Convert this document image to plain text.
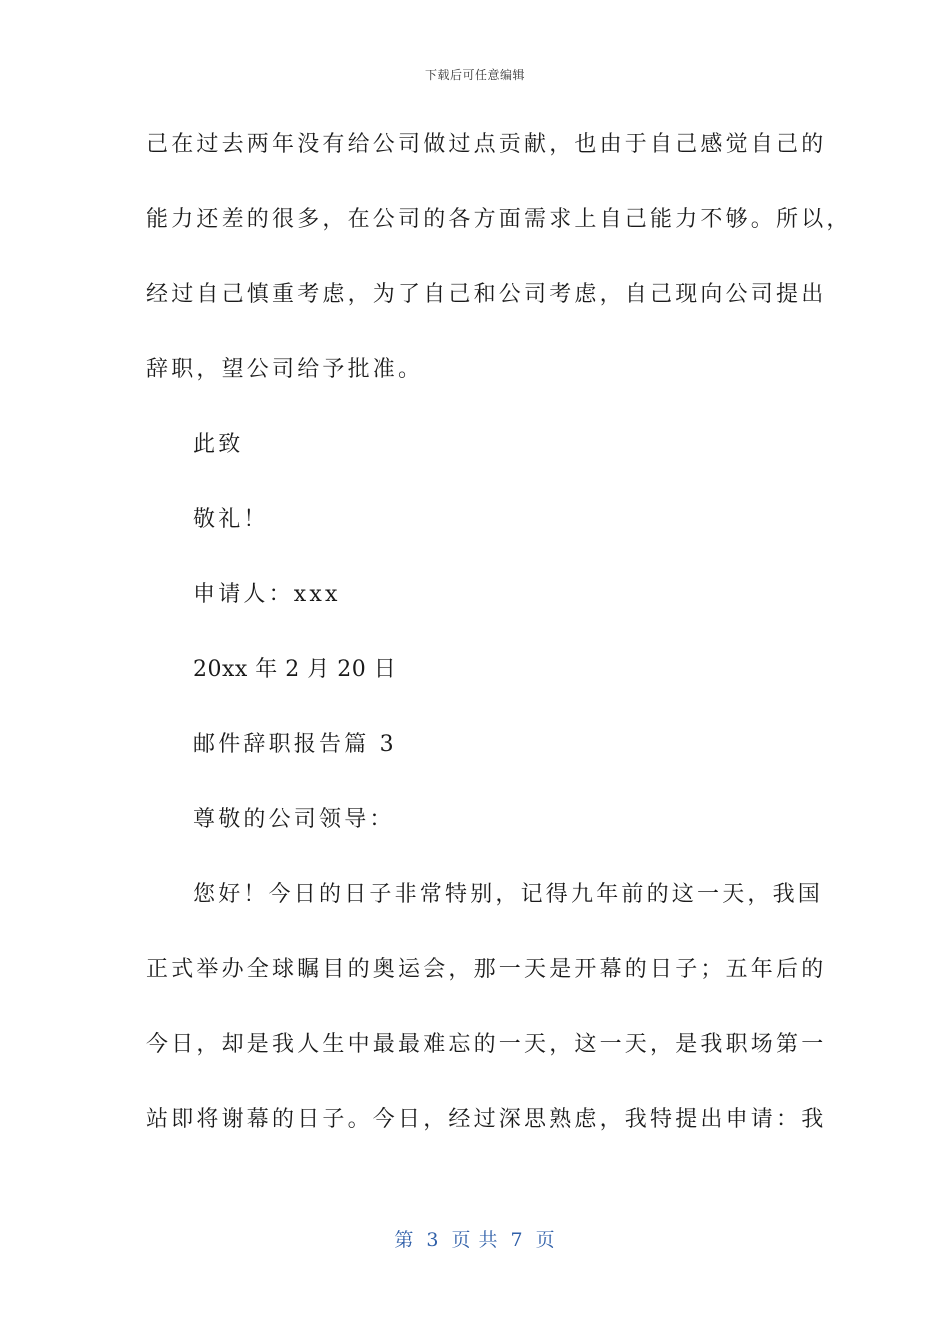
下载后可任意编辑
己在过去两年没有给公司做过点贡献，也由于自己感觉自己的
能力还差的很多，在公司的各方面需求上自己能力不够。所以，
经过自己慎重考虑，为了自己和公司考虑，自己现向公司提出
辞职，望公司给予批准。
此致
敬礼！
申请人：xxx
20xx 年 2 月 20 日
邮件辞职报告篇 3
尊敬的公司领导：
您好！今日的日子非常特别，记得九年前的这一天，我国
正式举办全球瞩目的奥运会，那一天是开幕的日子；五年后的
今日，却是我人生中最最难忘的一天，这一天，是我职场第一
站即将谢幕的日子。今日，经过深思熟虑，我特提出申请：我
第 3 页 共 7 页
